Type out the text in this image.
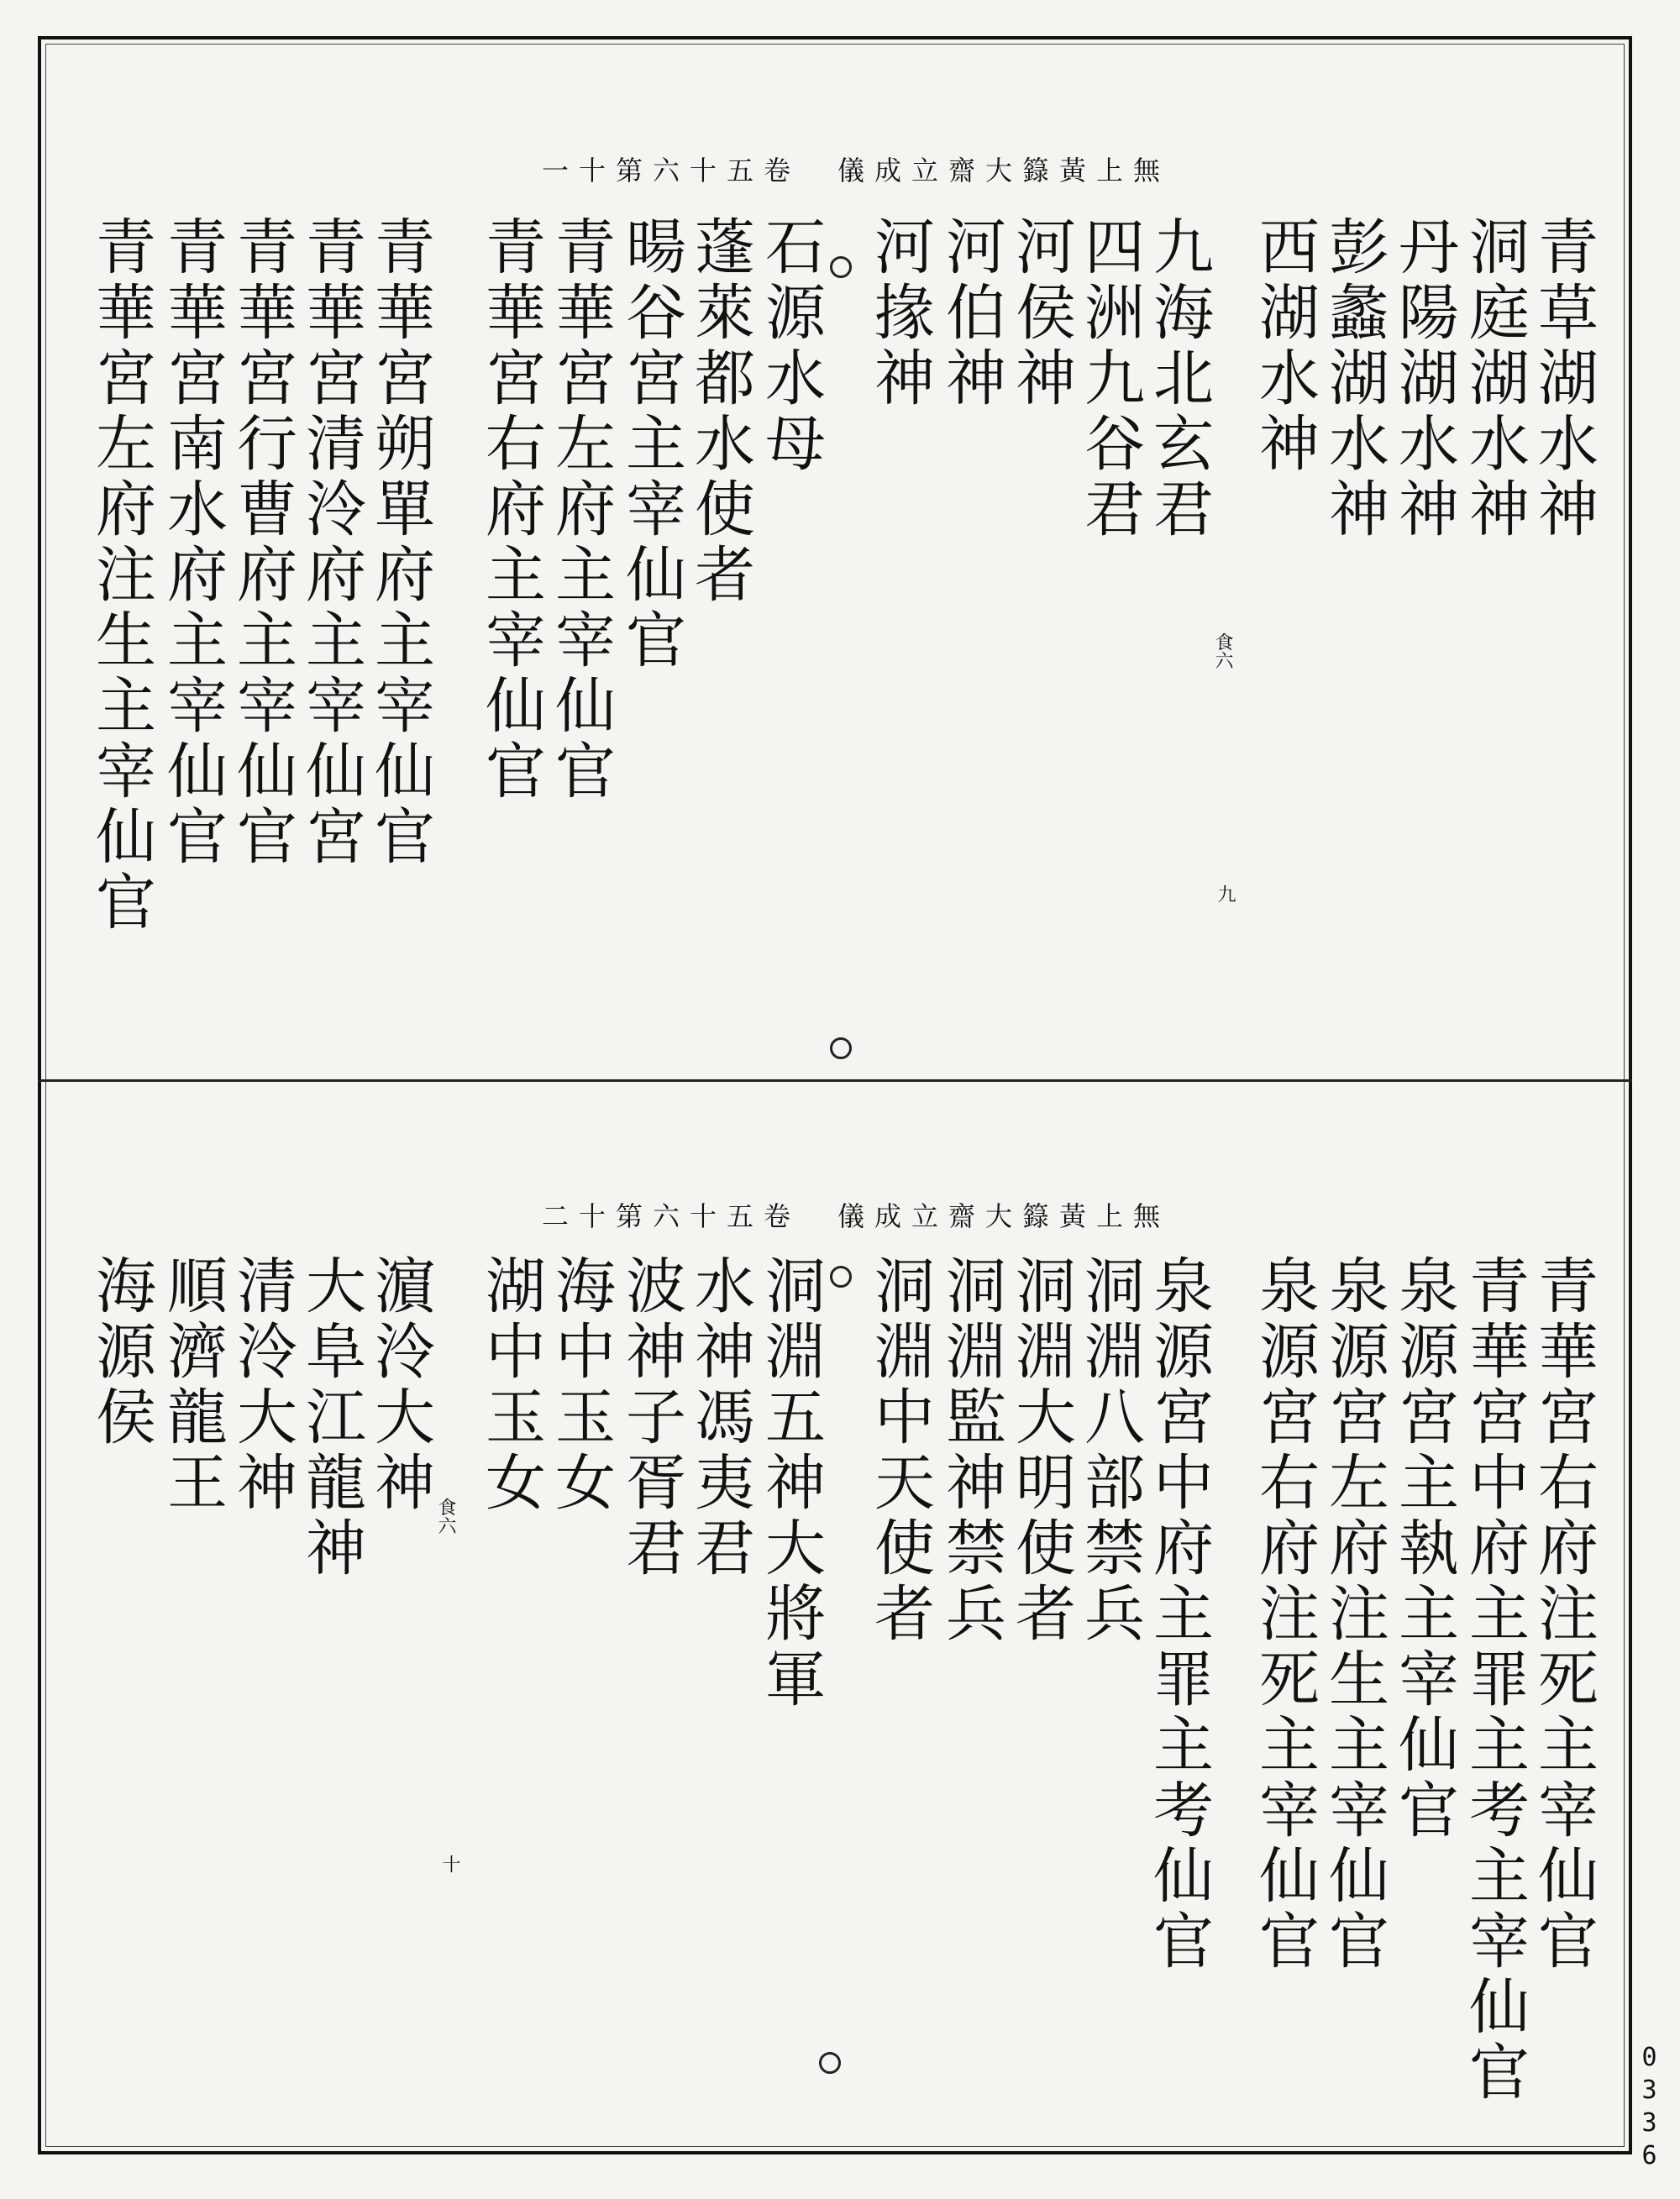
無上黃籙大齋立成儀　卷五十六第十一
食六
九
青草湖水神
洞庭湖水神
丹陽湖水神
彭蠡湖水神
西湖水神
九海北玄君
四洲九谷君
河侯神
河伯神
河掾神
石源水母
蓬萊都水使者
暘谷宮主宰仙官
青華宮左府主宰仙官
青華宮右府主宰仙官
青華宮朔單府主宰仙官
青華宮清泠府主宰仙宮
青華宮行曹府主宰仙官
青華宮南水府主宰仙官
青華宮左府注生主宰仙官
無上黃籙大齋立成儀　卷五十六第十二
食六
十	青華宮右府注死主宰仙官
青華宮中府主罪主考主宰仙官
泉源宮主執主宰仙官
泉源宮左府注生主宰仙官
泉源宮右府注死主宰仙官
泉源宮中府主罪主考仙官
洞淵八部禁兵
洞淵大明使者
洞淵監神禁兵
洞淵中天使者
洞淵五神大將軍
水神馮夷君
波神子胥君
海中玉女
湖中玉女
濵泠大神
大阜江龍神
清泠大神
順濟龍王
海源侯
0336
